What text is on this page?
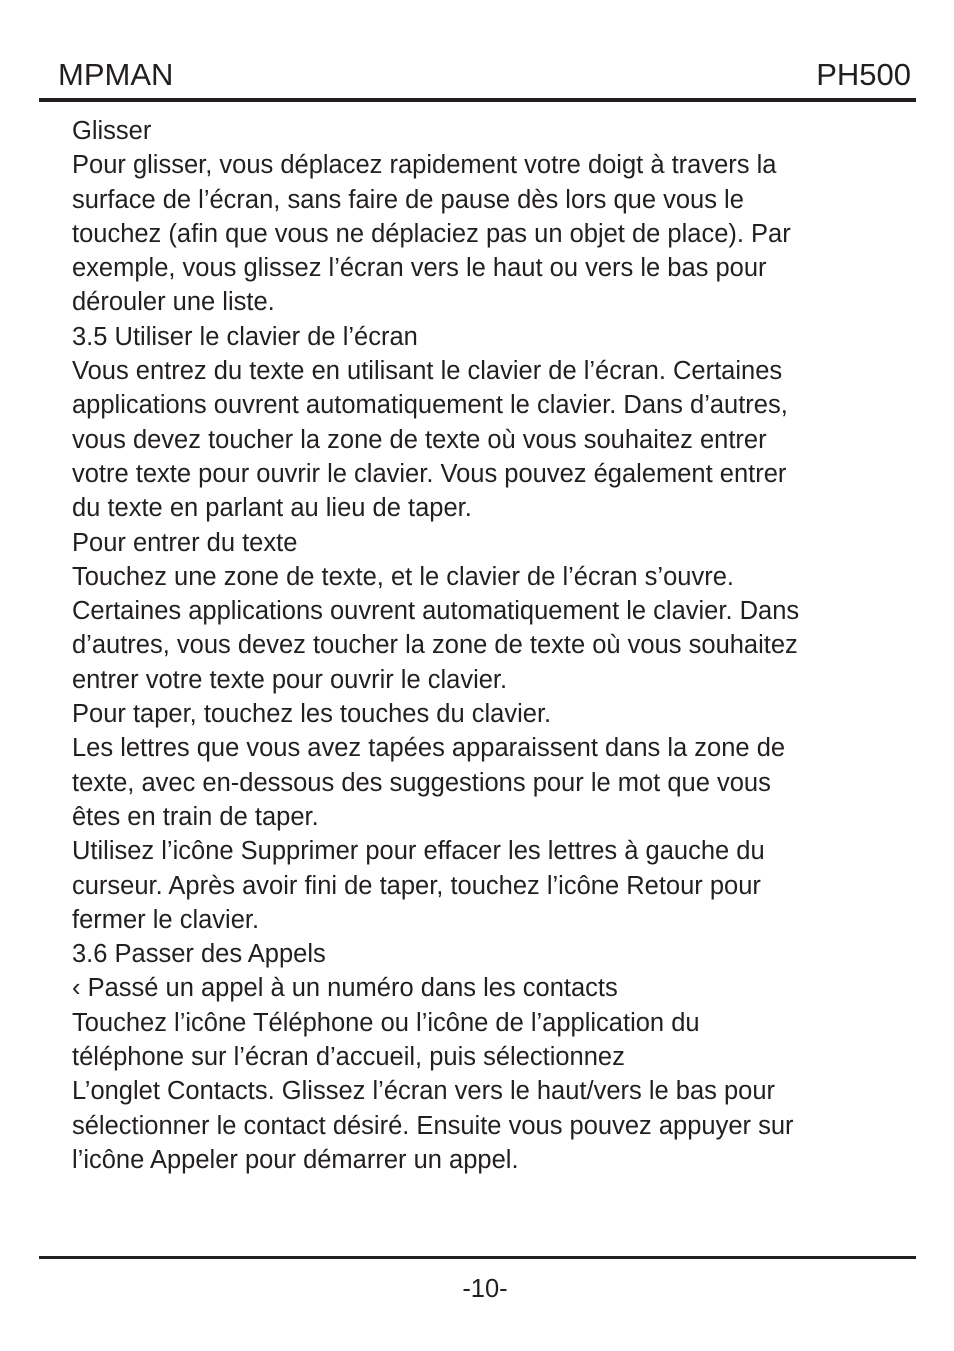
MPMAN	PH500
Glisser
Pour glisser, vous déplacez rapidement votre doigt à travers la
surface de l’écran, sans faire de pause dès lors que vous le
touchez (afin que vous ne déplaciez pas un objet de place). Par
exemple, vous glissez l’écran vers le haut ou vers le bas pour
dérouler une liste.
3.5 Utiliser le clavier de l’écran
Vous entrez du texte en utilisant le clavier de l’écran. Certaines
applications ouvrent automatiquement le clavier. Dans d’autres,
vous devez toucher la zone de texte où vous souhaitez entrer
votre texte pour ouvrir le clavier. Vous pouvez également entrer
du texte en parlant au lieu de taper.
Pour entrer du texte
Touchez une zone de texte, et le clavier de l’écran s’ouvre.
Certaines applications ouvrent automatiquement le clavier. Dans
d’autres, vous devez toucher la zone de texte où vous souhaitez
entrer votre texte pour ouvrir le clavier.
Pour taper, touchez les touches du clavier.
Les lettres que vous avez tapées apparaissent dans la zone de
texte, avec en-dessous des suggestions pour le mot que vous
êtes en train de taper.
Utilisez l’icône Supprimer pour effacer les lettres à gauche du
curseur. Après avoir fini de taper, touchez l’icône Retour pour
fermer le clavier.
3.6 Passer des Appels
‹ Passé un appel à un numéro dans les contacts
Touchez l’icône Téléphone ou l’icône de l’application du
téléphone sur l’écran d’accueil, puis sélectionnez
L’onglet Contacts. Glissez l’écran vers le haut/vers le bas pour
sélectionner le contact désiré. Ensuite vous pouvez appuyer sur
l’icône Appeler pour démarrer un appel.
-10-
